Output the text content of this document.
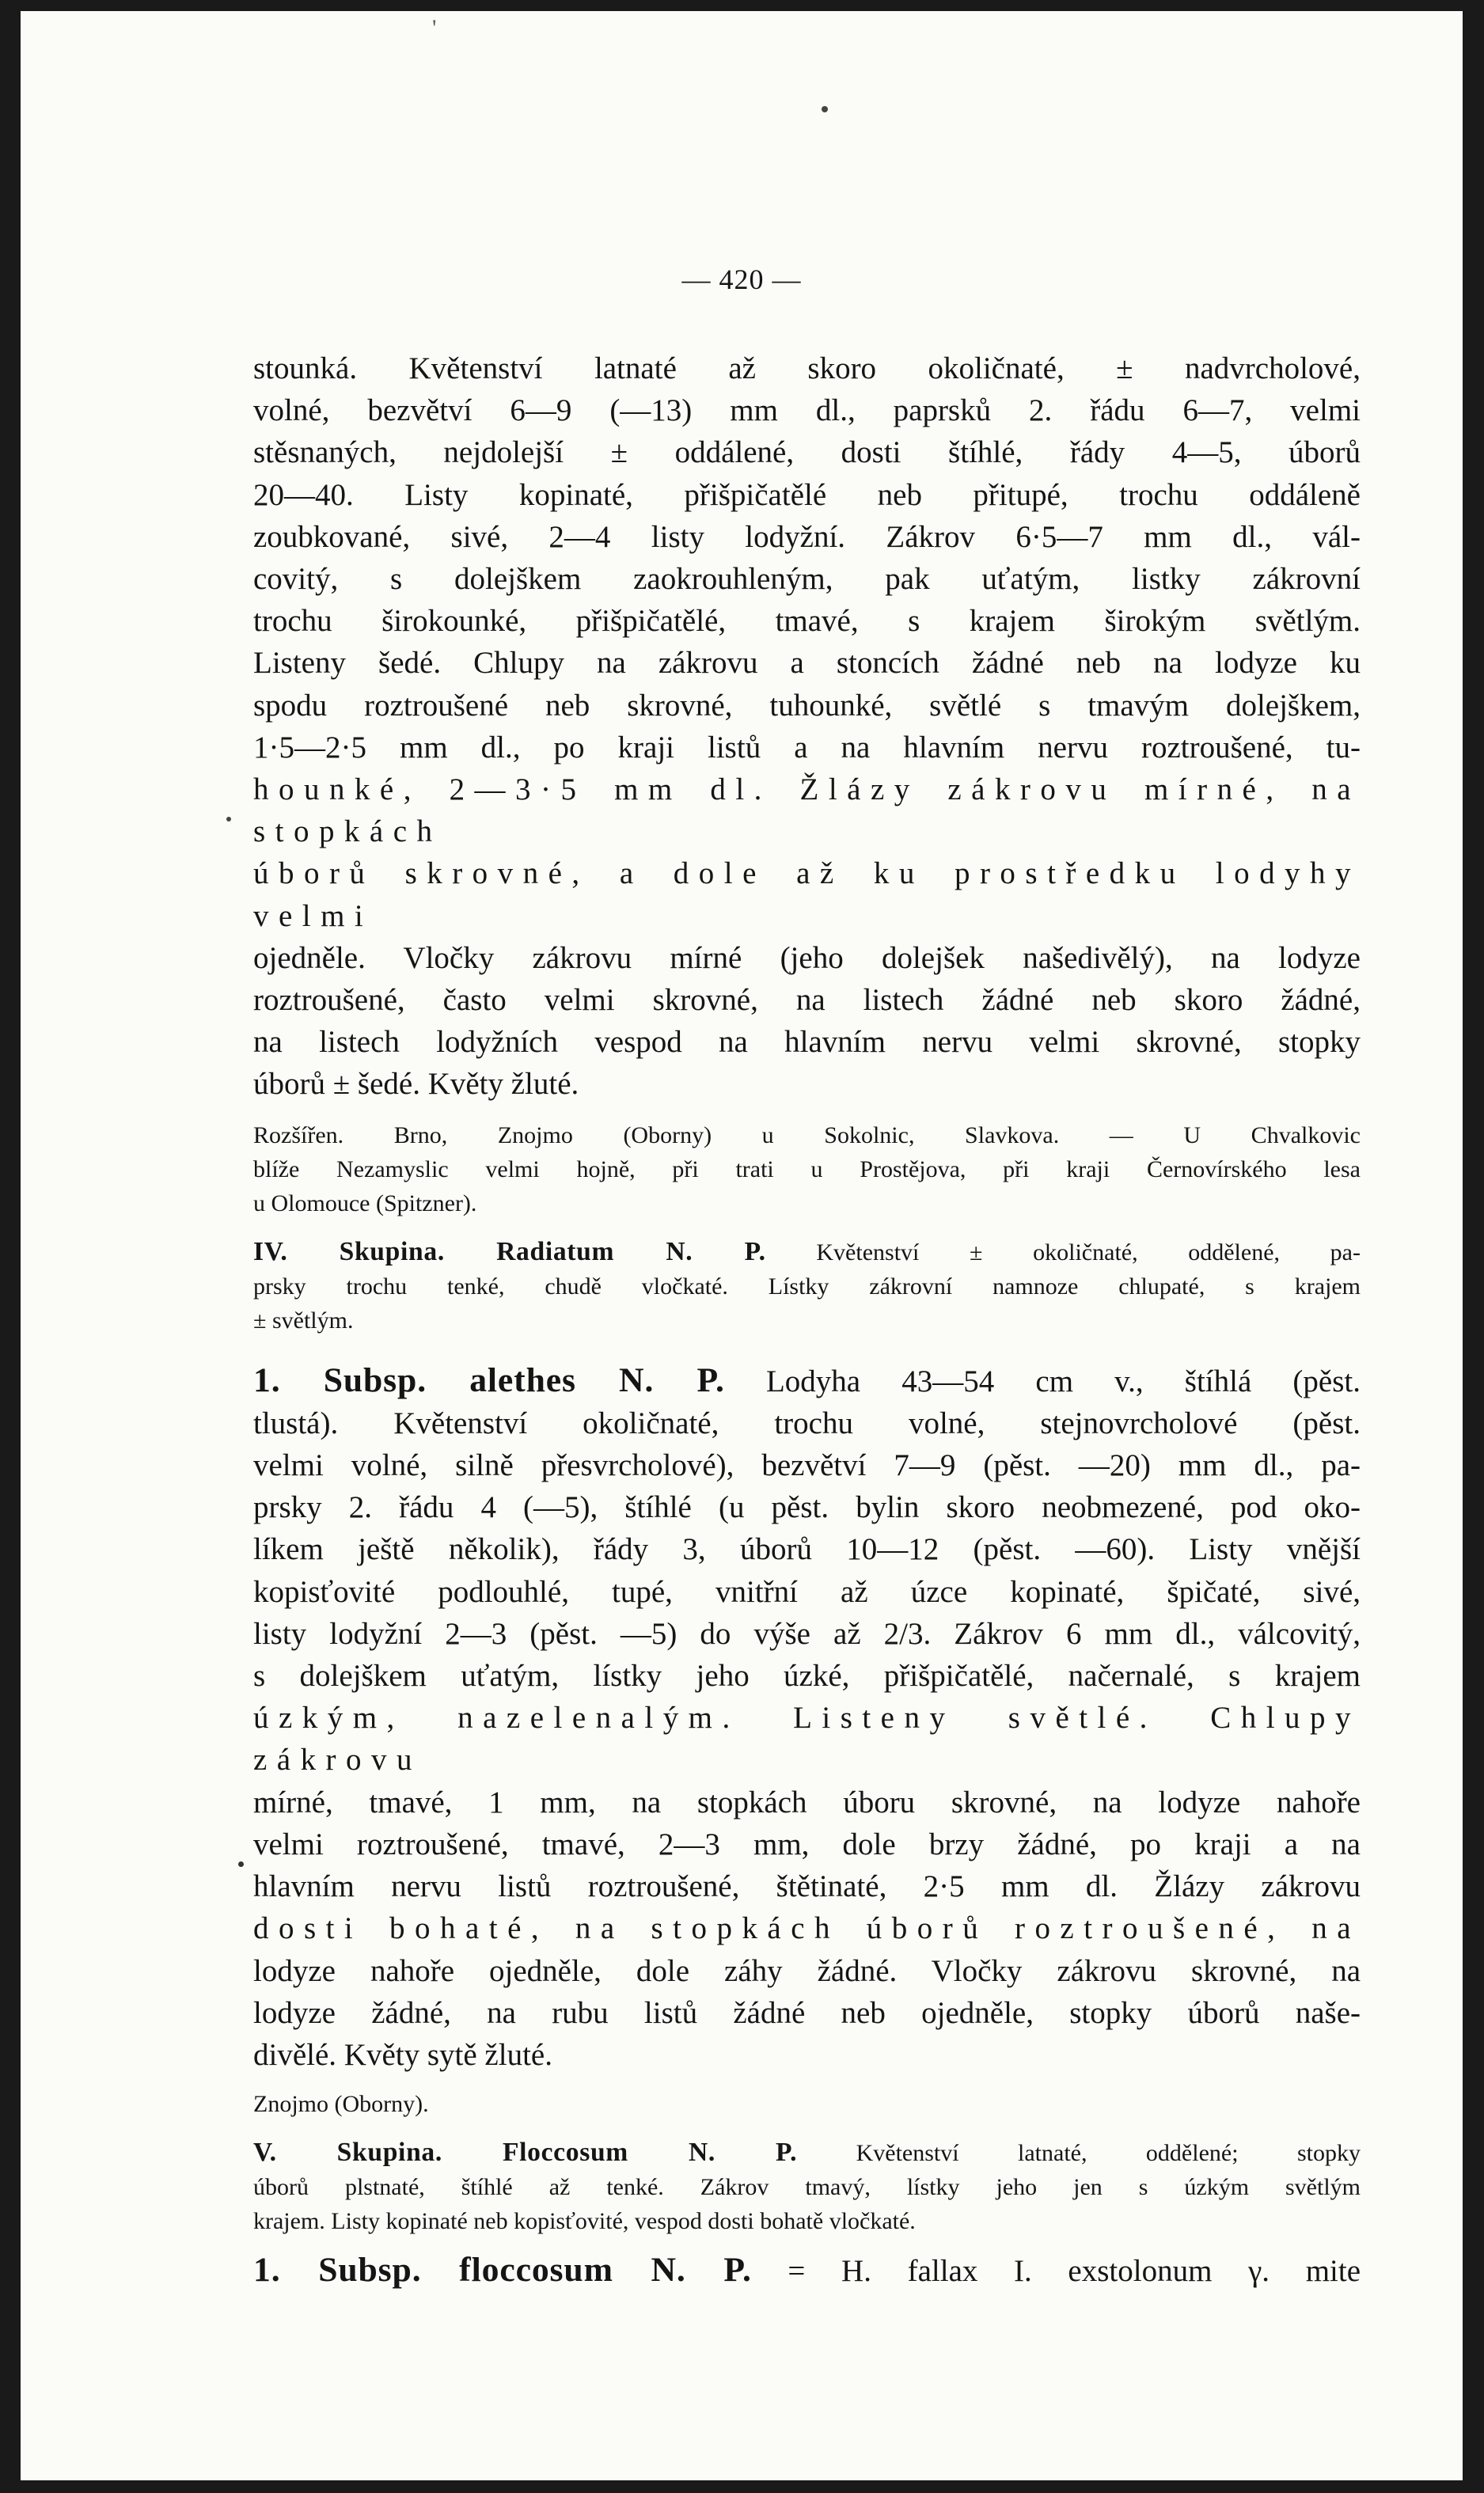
'
— 420 —

stounká. Květenství latnaté až skoro okoličnaté, ± nadvrcholové,

volné, bezvětví 6—9 (—13) mm dl., paprsků 2. řádu 6—7, velmi

stěsnaných, nejdolejší ± oddálené, dosti štíhlé, řády 4—5, úborů

20—40. Listy kopinaté, přišpičatělé neb přitupé, trochu oddáleně

zoubkované, sivé, 2—4 listy lodyžní. Zákrov 6·5—7 mm dl., vál-

covitý, s dolejškem zaokrouhleným, pak uťatým, listky zákrovní

trochu širokounké, přišpičatělé, tmavé, s krajem širokým světlým.

Listeny šedé. Chlupy na zákrovu a stoncích žádné neb na lodyze ku

spodu roztroušené neb skrovné, tuhounké, světlé s tmavým dolejškem,

1·5—2·5 mm dl., po kraji listů a na hlavním nervu roztroušené, tu-

hounké, 2—3·5 mm dl. Žlázy zákrovu mírné, na stopkách

úborů skrovné, a dole až ku prostředku lodyhy velmi

ojedněle. Vločky zákrovu mírné (jeho dolejšek našedivělý), na lodyze

roztroušené, často velmi skrovné, na listech žádné neb skoro žádné,

na listech lodyžních vespod na hlavním nervu velmi skrovné, stopky

úborů ± šedé. Květy žluté.

Rozšířen. Brno, Znojmo (Oborny) u Sokolnic, Slavkova. — U Chvalkovic

blíže Nezamyslic velmi hojně, při trati u Prostějova, při kraji Černovírského lesa

u Olomouce (Spitzner).

IV. Skupina. Radiatum N. P. Květenství ± okoličnaté, oddělené, pa-

prsky trochu tenké, chudě vločkaté. Lístky zákrovní namnoze chlupaté, s krajem

± světlým.

1. Subsp. alethes N. P. Lodyha 43—54 cm v., štíhlá (pěst.

tlustá). Květenství okoličnaté, trochu volné, stejnovrcholové (pěst.

velmi volné, silně přesvrcholové), bezvětví 7—9 (pěst. —20) mm dl., pa-

prsky 2. řádu 4 (—5), štíhlé (u pěst. bylin skoro neobmezené, pod oko-

líkem ještě několik), řády 3, úborů 10—12 (pěst. —60). Listy vnější

kopisťovité podlouhlé, tupé, vnitřní až úzce kopinaté, špičaté, sivé,

listy lodyžní 2—3 (pěst. —5) do výše až 2/3. Zákrov 6 mm dl., válcovitý,

s dolejškem uťatým, lístky jeho úzké, přišpičatělé, načernalé, s krajem

úzkým, nazelenalým. Listeny světlé. Chlupy zákrovu

mírné, tmavé, 1 mm, na stopkách úboru skrovné, na lodyze nahoře

velmi roztroušené, tmavé, 2—3 mm, dole brzy žádné, po kraji a na

hlavním nervu listů roztroušené, štětinaté, 2·5 mm dl. Žlázy zákrovu

dosti bohaté, na stopkách úborů roztroušené, na

lodyze nahoře ojedněle, dole záhy žádné. Vločky zákrovu skrovné, na

lodyze žádné, na rubu listů žádné neb ojedněle, stopky úborů naše-

divělé. Květy sytě žluté.

Znojmo (Oborny).

V. Skupina. Floccosum N. P. Květenství latnaté, oddělené; stopky

úborů plstnaté, štíhlé až tenké. Zákrov tmavý, lístky jeho jen s úzkým světlým

krajem. Listy kopinaté neb kopisťovité, vespod dosti bohatě vločkaté.

1. Subsp. floccosum N. P. = H. fallax I. exstolonum γ. mite
